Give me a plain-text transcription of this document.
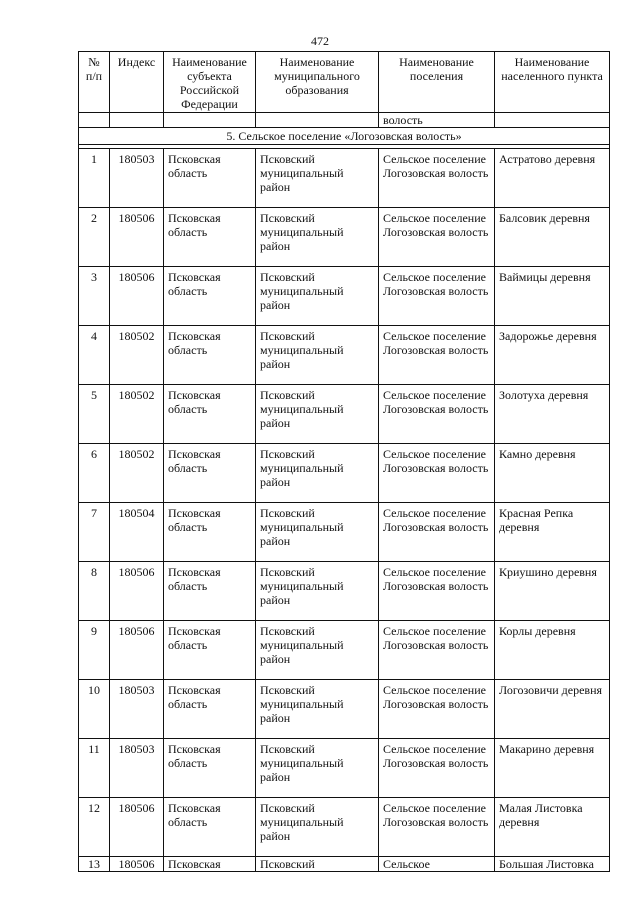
472
№ п/п	Индекс	Наименование субъекта Российской Федерации	Наименование муниципального образования	Наименование поселения	Наименование населенного пункта
				волость	
5. Сельское поселение «Логозовская волость»					

1	180503	Псковская область	Псковский муниципальный район	Сельское поселение Логозовская волость	Астратово деревня
2	180506	Псковская область	Псковский муниципальный район	Сельское поселение Логозовская волость	Балсовик деревня
3	180506	Псковская область	Псковский муниципальный район	Сельское поселение Логозовская волость	Ваймицы деревня
4	180502	Псковская область	Псковский муниципальный район	Сельское поселение Логозовская волость	Задорожье деревня
5	180502	Псковская область	Псковский муниципальный район	Сельское поселение Логозовская волость	Золотуха деревня
6	180502	Псковская область	Псковский муниципальный район	Сельское поселение Логозовская волость	Камно деревня
7	180504	Псковская область	Псковский муниципальный район	Сельское поселение Логозовская волость	Красная Репка деревня
8	180506	Псковская область	Псковский муниципальный район	Сельское поселение Логозовская волость	Криушино деревня
9	180506	Псковская область	Псковский муниципальный район	Сельское поселение Логозовская волость	Корлы деревня
10	180503	Псковская область	Псковский муниципальный район	Сельское поселение Логозовская волость	Логозовичи деревня
11	180503	Псковская область	Псковский муниципальный район	Сельское поселение Логозовская волость	Макарино деревня
12	180506	Псковская область	Псковский муниципальный район	Сельское поселение Логозовская волость	Малая Листовка деревня
13	180506	Псковская	Псковский	Сельское	Большая Листовка
